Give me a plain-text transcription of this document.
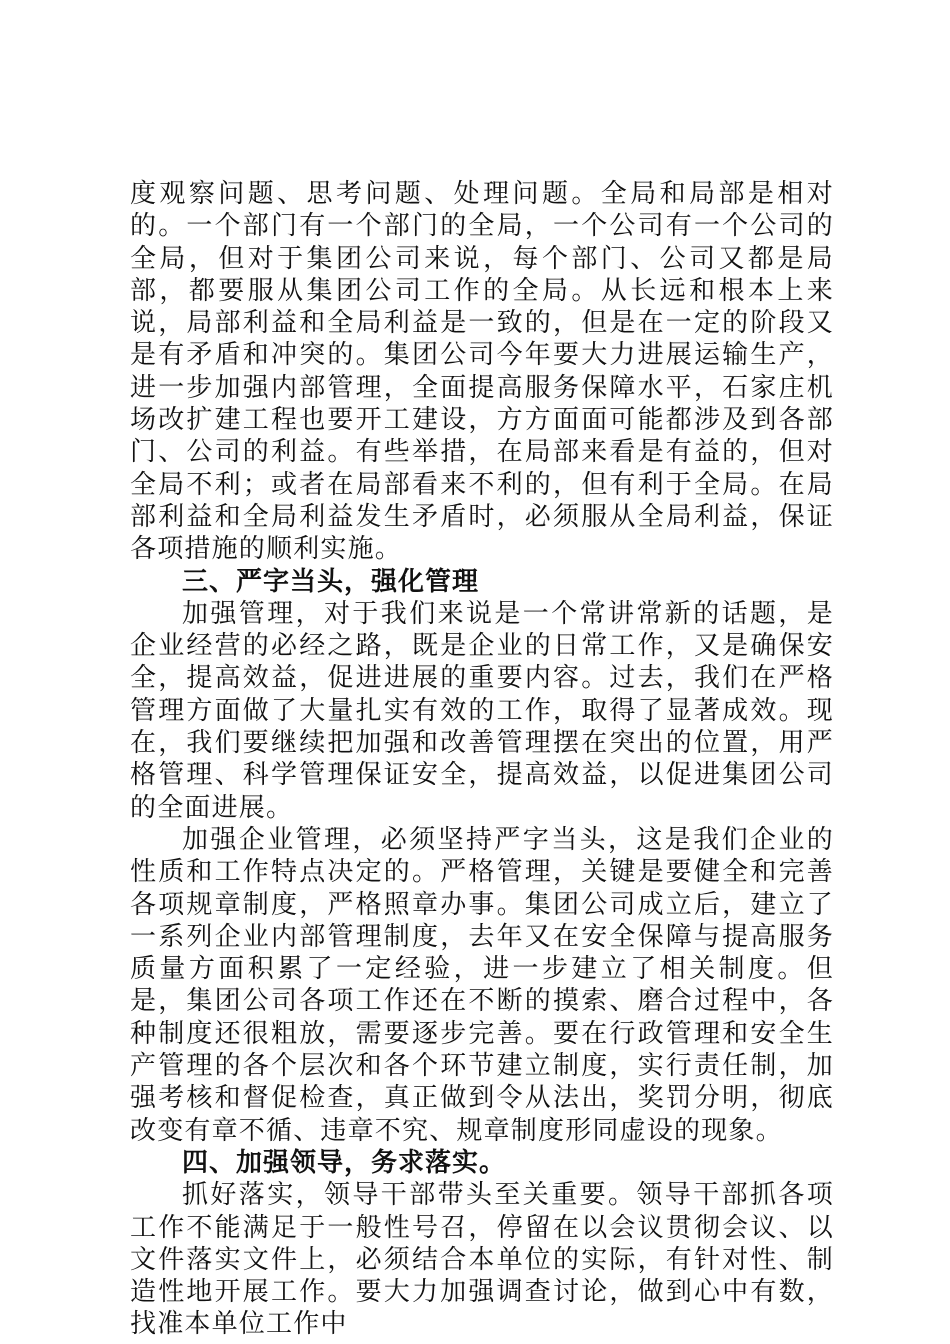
度观察问题、思考问题、处理问题。全局和局部是相对的。一个部门有一个部门的全局，一个公司有一个公司的全局，但对于集团公司来说，每个部门、公司又都是局部，都要服从集团公司工作的全局。从长远和根本上来说，局部利益和全局利益是一致的，但是在一定的阶段又是有矛盾和冲突的。集团公司今年要大力进展运输生产，进一步加强内部管理，全面提高服务保障水平，石家庄机场改扩建工程也要开工建设，方方面面可能都涉及到各部门、公司的利益。有些举措，在局部来看是有益的，但对全局不利；或者在局部看来不利的，但有利于全局。在局部利益和全局利益发生矛盾时，必须服从全局利益，保证各项措施的顺利实施。

三、严字当头，强化管理

加强管理，对于我们来说是一个常讲常新的话题，是企业经营的必经之路，既是企业的日常工作，又是确保安全，提高效益，促进进展的重要内容。过去，我们在严格管理方面做了大量扎实有效的工作，取得了显著成效。现在，我们要继续把加强和改善管理摆在突出的位置，用严格管理、科学管理保证安全，提高效益，以促进集团公司的全面进展。

加强企业管理，必须坚持严字当头，这是我们企业的性质和工作特点决定的。严格管理，关键是要健全和完善各项规章制度，严格照章办事。集团公司成立后，建立了一系列企业内部管理制度，去年又在安全保障与提高服务质量方面积累了一定经验，进一步建立了相关制度。但是，集团公司各项工作还在不断的摸索、磨合过程中，各种制度还很粗放，需要逐步完善。要在行政管理和安全生产管理的各个层次和各个环节建立制度，实行责任制，加强考核和督促检查，真正做到令从法出，奖罚分明，彻底改变有章不循、违章不究、规章制度形同虚设的现象。

四、加强领导，务求落实。

抓好落实，领导干部带头至关重要。领导干部抓各项工作不能满足于一般性号召，停留在以会议贯彻会议、以文件落实文件上，必须结合本单位的实际，有针对性、制造性地开展工作。要大力加强调查讨论，做到心中有数，找准本单位工作中
